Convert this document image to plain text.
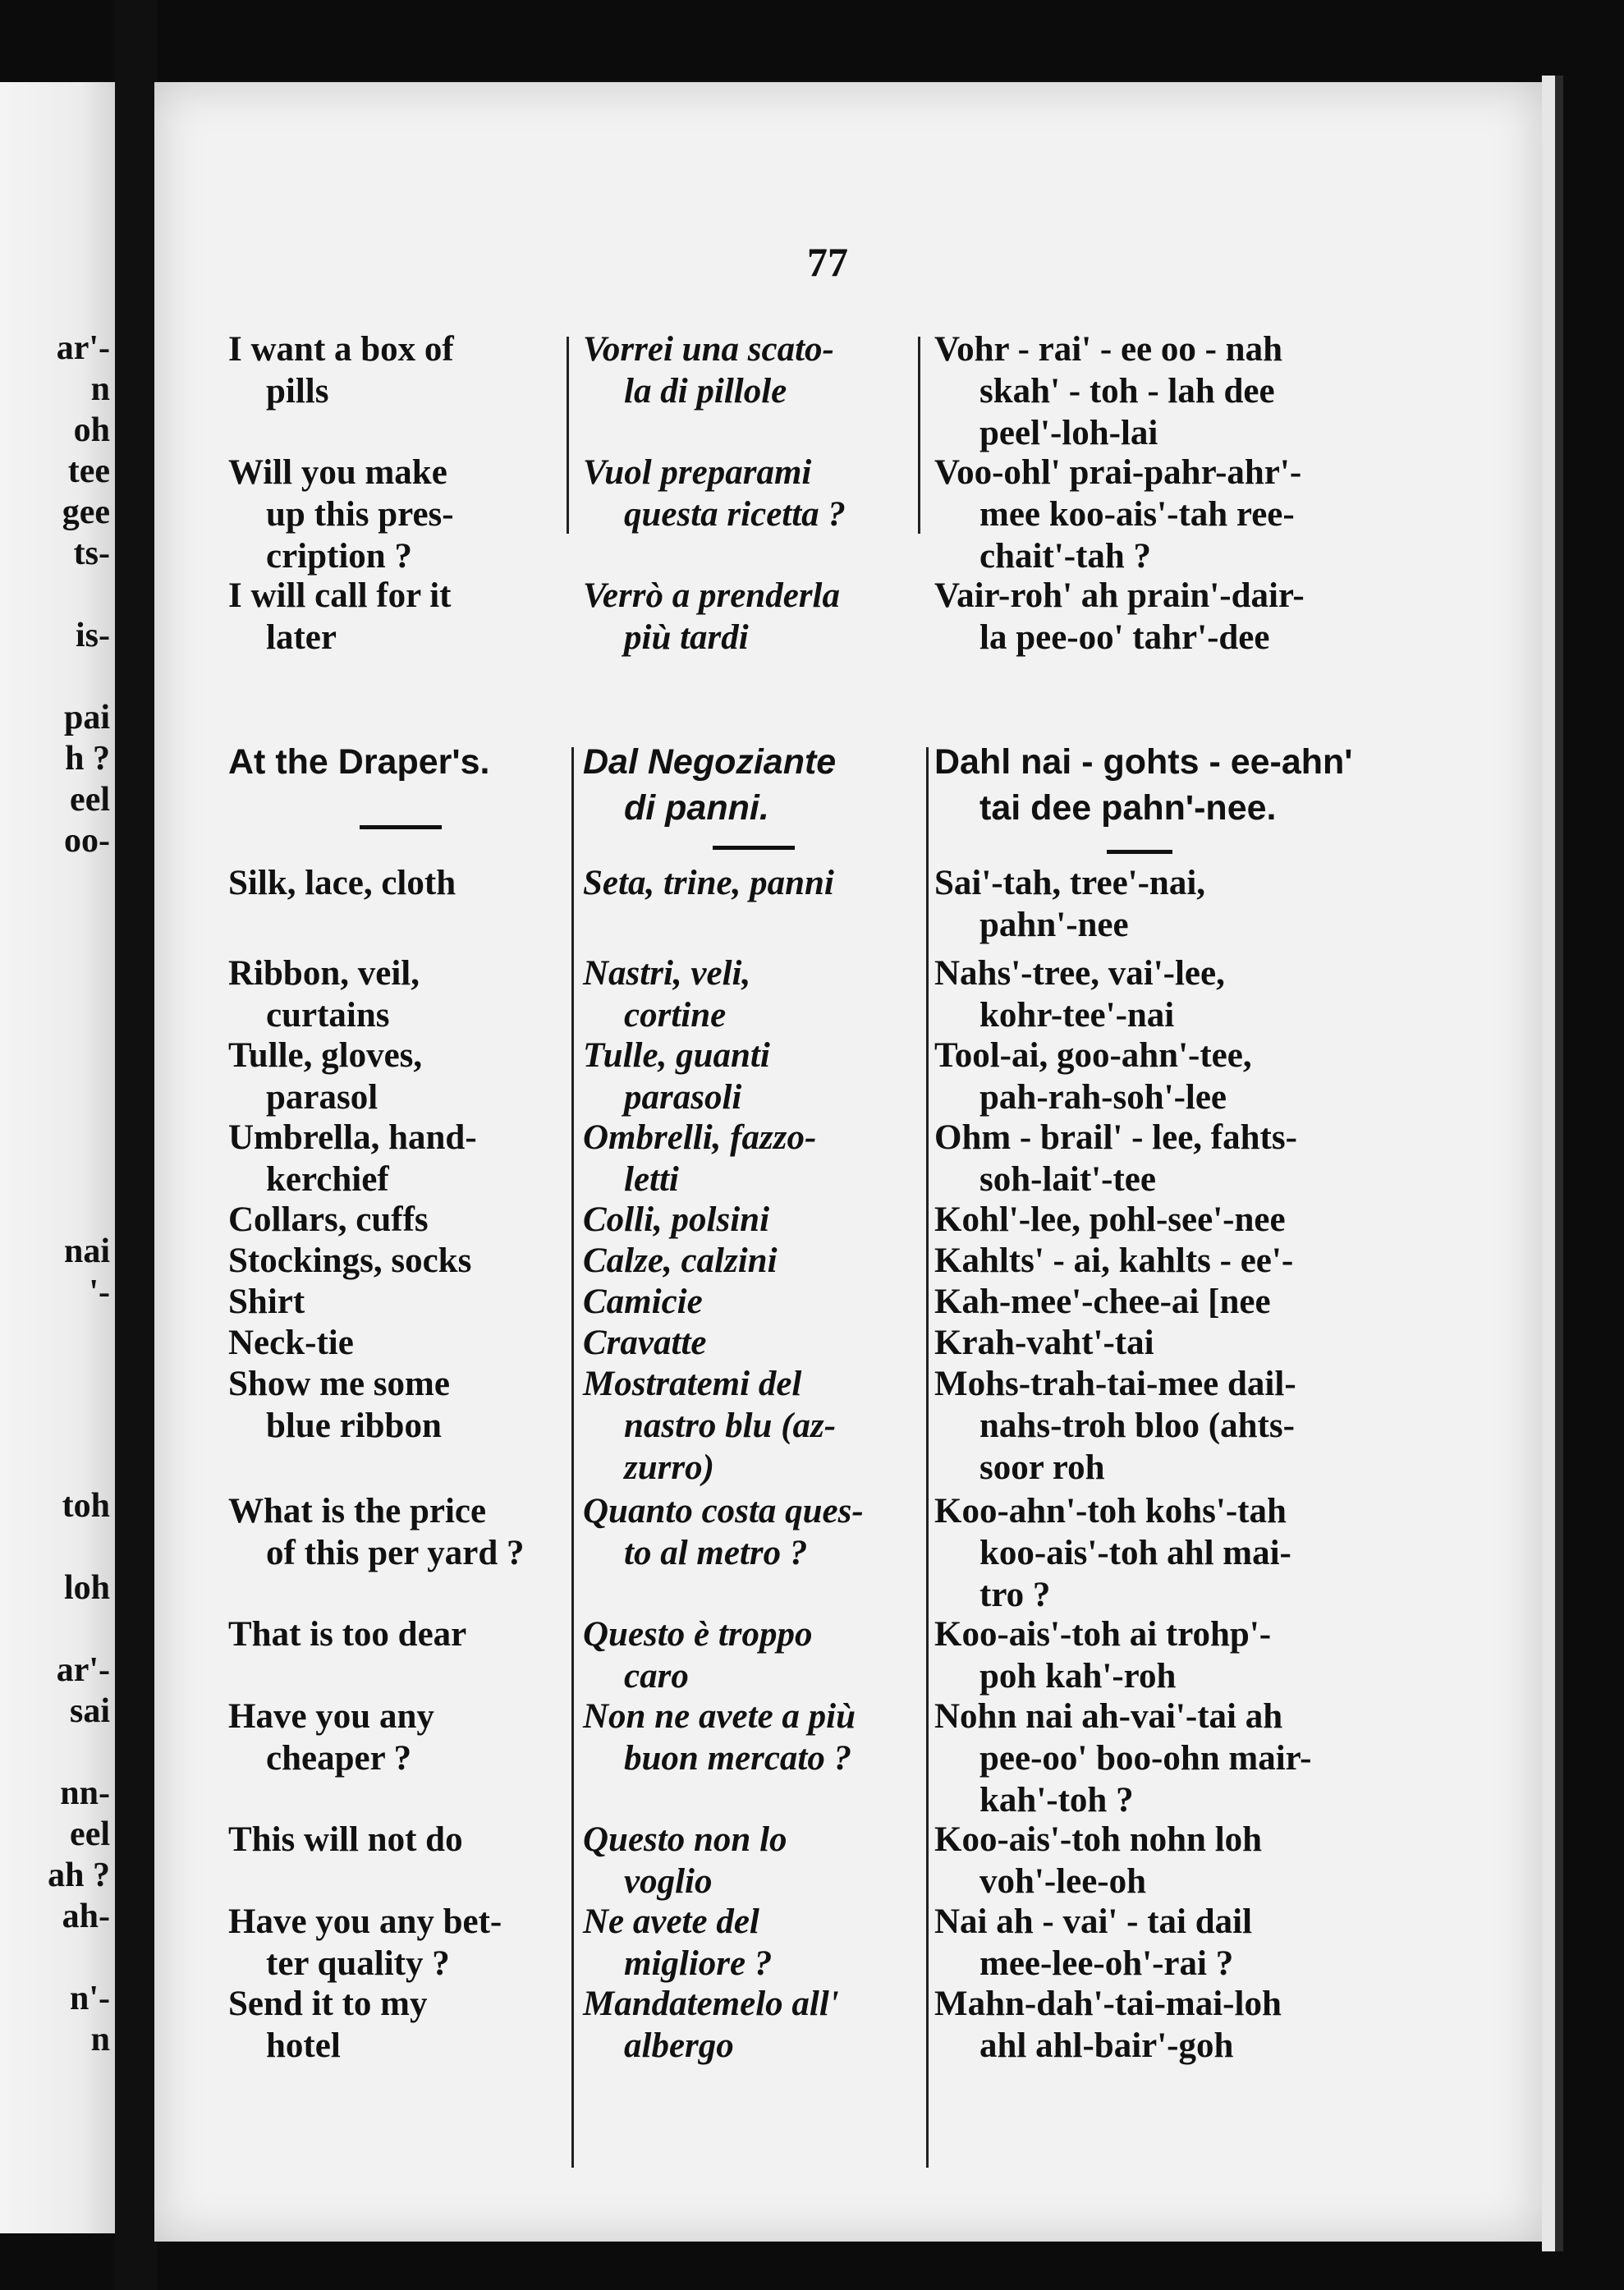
ar'-
n
oh
tee
gee
ts-
is-
pai
h ?
eel
oo-
nai
'-
toh
loh
ar'-
sai
nn-
eel
ah ?
ah-
n'-
n
77
I want a box of
pills
Will you make
up this pres-
cription ?
I will call for it
later
At the Draper's.
Silk, lace, cloth
Ribbon, veil,
curtains
Tulle, gloves,
parasol
Umbrella, hand-
kerchief
Collars, cuffs
Stockings, socks
Shirt
Neck-tie
Show me some
blue ribbon
What is the price
of this per yard ?
That is too dear
Have you any
cheaper ?
This will not do
Have you any bet-
ter quality ?
Send it to my
hotel
Vorrei una scato-
la di pillole
Vuol preparami
questa ricetta ?
Verrò a prenderla
più tardi
Dal Negoziante
di panni.
Seta, trine, panni
Nastri, veli,
cortine
Tulle, guanti
parasoli
Ombrelli, fazzo-
letti
Colli, polsini
Calze, calzini
Camicie
Cravatte
Mostratemi del
nastro blu (az-
zurro)
Quanto costa ques-
to al metro ?
Questo è troppo
caro
Non ne avete a più
buon mercato ?
Questo non lo
voglio
Ne avete del
migliore ?
Mandatemelo all'
albergo
Vohr - rai' - ee oo - nah
skah' - toh - lah dee
peel'-loh-lai
Voo-ohl' prai-pahr-ahr'-
mee koo-ais'-tah ree-
chait'-tah ?
Vair-roh' ah prain'-dair-
la pee-oo' tahr'-dee
Dahl nai - gohts - ee-ahn'
tai dee pahn'-nee.
Sai'-tah, tree'-nai,
pahn'-nee
Nahs'-tree, vai'-lee,
kohr-tee'-nai
Tool-ai, goo-ahn'-tee,
pah-rah-soh'-lee
Ohm - brail' - lee, fahts-
soh-lait'-tee
Kohl'-lee, pohl-see'-nee
Kahlts' - ai, kahlts - ee'-
Kah-mee'-chee-ai [nee
Krah-vaht'-tai
Mohs-trah-tai-mee dail-
nahs-troh bloo (ahts-
soor roh
Koo-ahn'-toh kohs'-tah
koo-ais'-toh ahl mai-
tro ?
Koo-ais'-toh ai trohp'-
poh kah'-roh
Nohn nai ah-vai'-tai ah
pee-oo' boo-ohn mair-
kah'-toh ?
Koo-ais'-toh nohn loh
voh'-lee-oh
Nai ah - vai' - tai dail
mee-lee-oh'-rai ?
Mahn-dah'-tai-mai-loh
ahl ahl-bair'-goh
